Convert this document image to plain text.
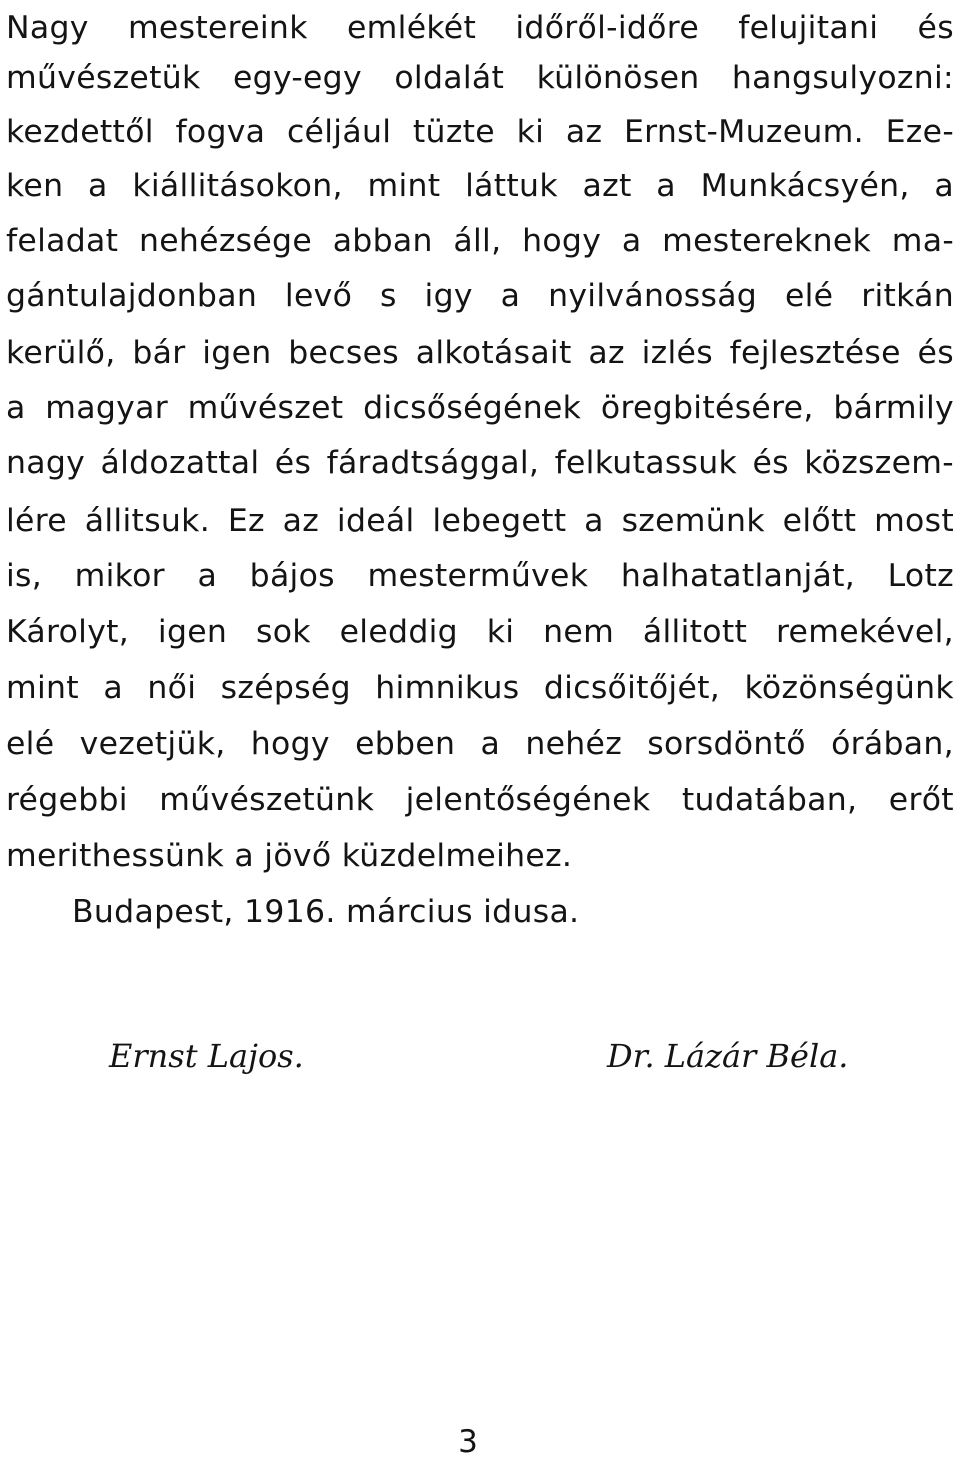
Nagy mestereink emlékét időről-időre felujitani és
művészetük egy-egy oldalát különösen hangsulyozni:
kezdettől fogva céljául tüzte ki az Ernst-Muzeum. Eze-
ken a kiállitásokon, mint láttuk azt a Munkácsyén, a
feladat nehézsége abban áll, hogy a mestereknek ma-
gántulajdonban levő s igy a nyilvánosság elé ritkán
kerülő, bár igen becses alkotásait az izlés fejlesztése és
a magyar művészet dicsőségének öregbitésére, bármily
nagy áldozattal és fáradtsággal, felkutassuk és közszem-
lére állitsuk. Ez az ideál lebegett a szemünk előtt most
is, mikor a bájos mesterművek halhatatlanját, Lotz
Károlyt, igen sok eleddig ki nem állitott remekével,
mint a női szépség himnikus dicsőitőjét, közönségünk
elé vezetjük, hogy ebben a nehéz sorsdöntő órában,
régebbi művészetünk jelentőségének tudatában, erőt
merithessünk a jövő küzdelmeihez.
Budapest, 1916. március idusa.
Ernst Lajos.	Dr. Lázár Béla.
3
